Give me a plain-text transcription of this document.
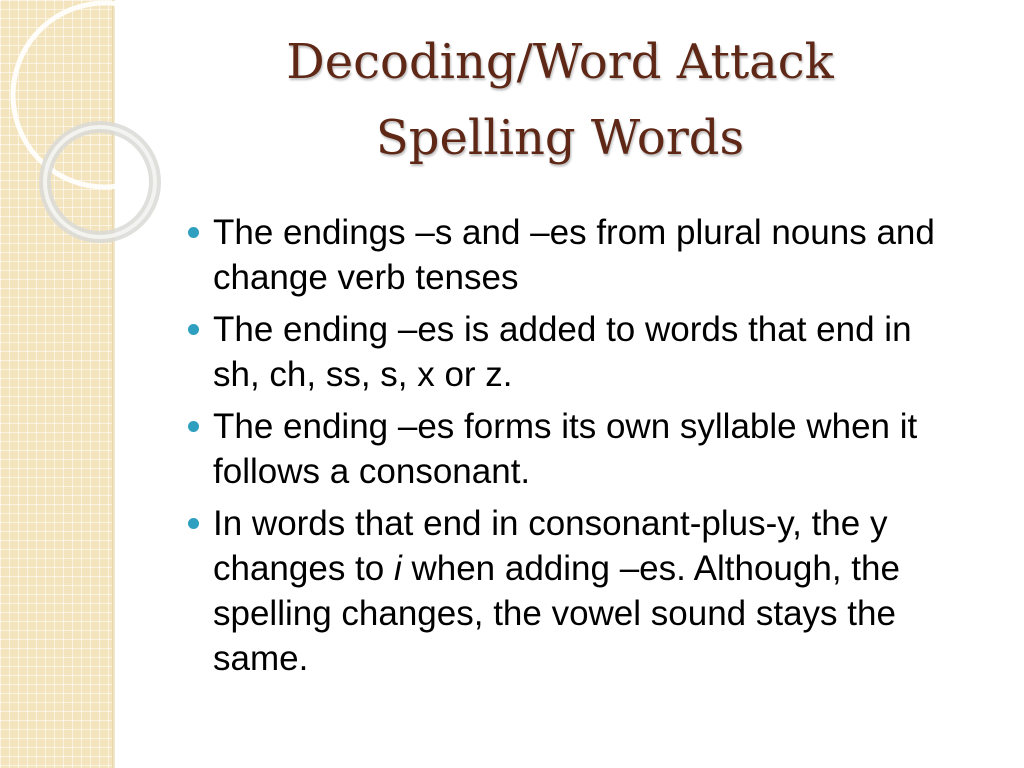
Decoding/Word Attack
Spelling Words
The endings –s and –es from plural nouns and change verb tenses
The ending –es is added to words that end in sh, ch, ss, s, x or z.
The ending –es forms its own syllable when it follows a consonant.
In words that end in consonant-plus-y, the y changes to i when adding –es. Although, the spelling changes, the vowel sound stays the same.
